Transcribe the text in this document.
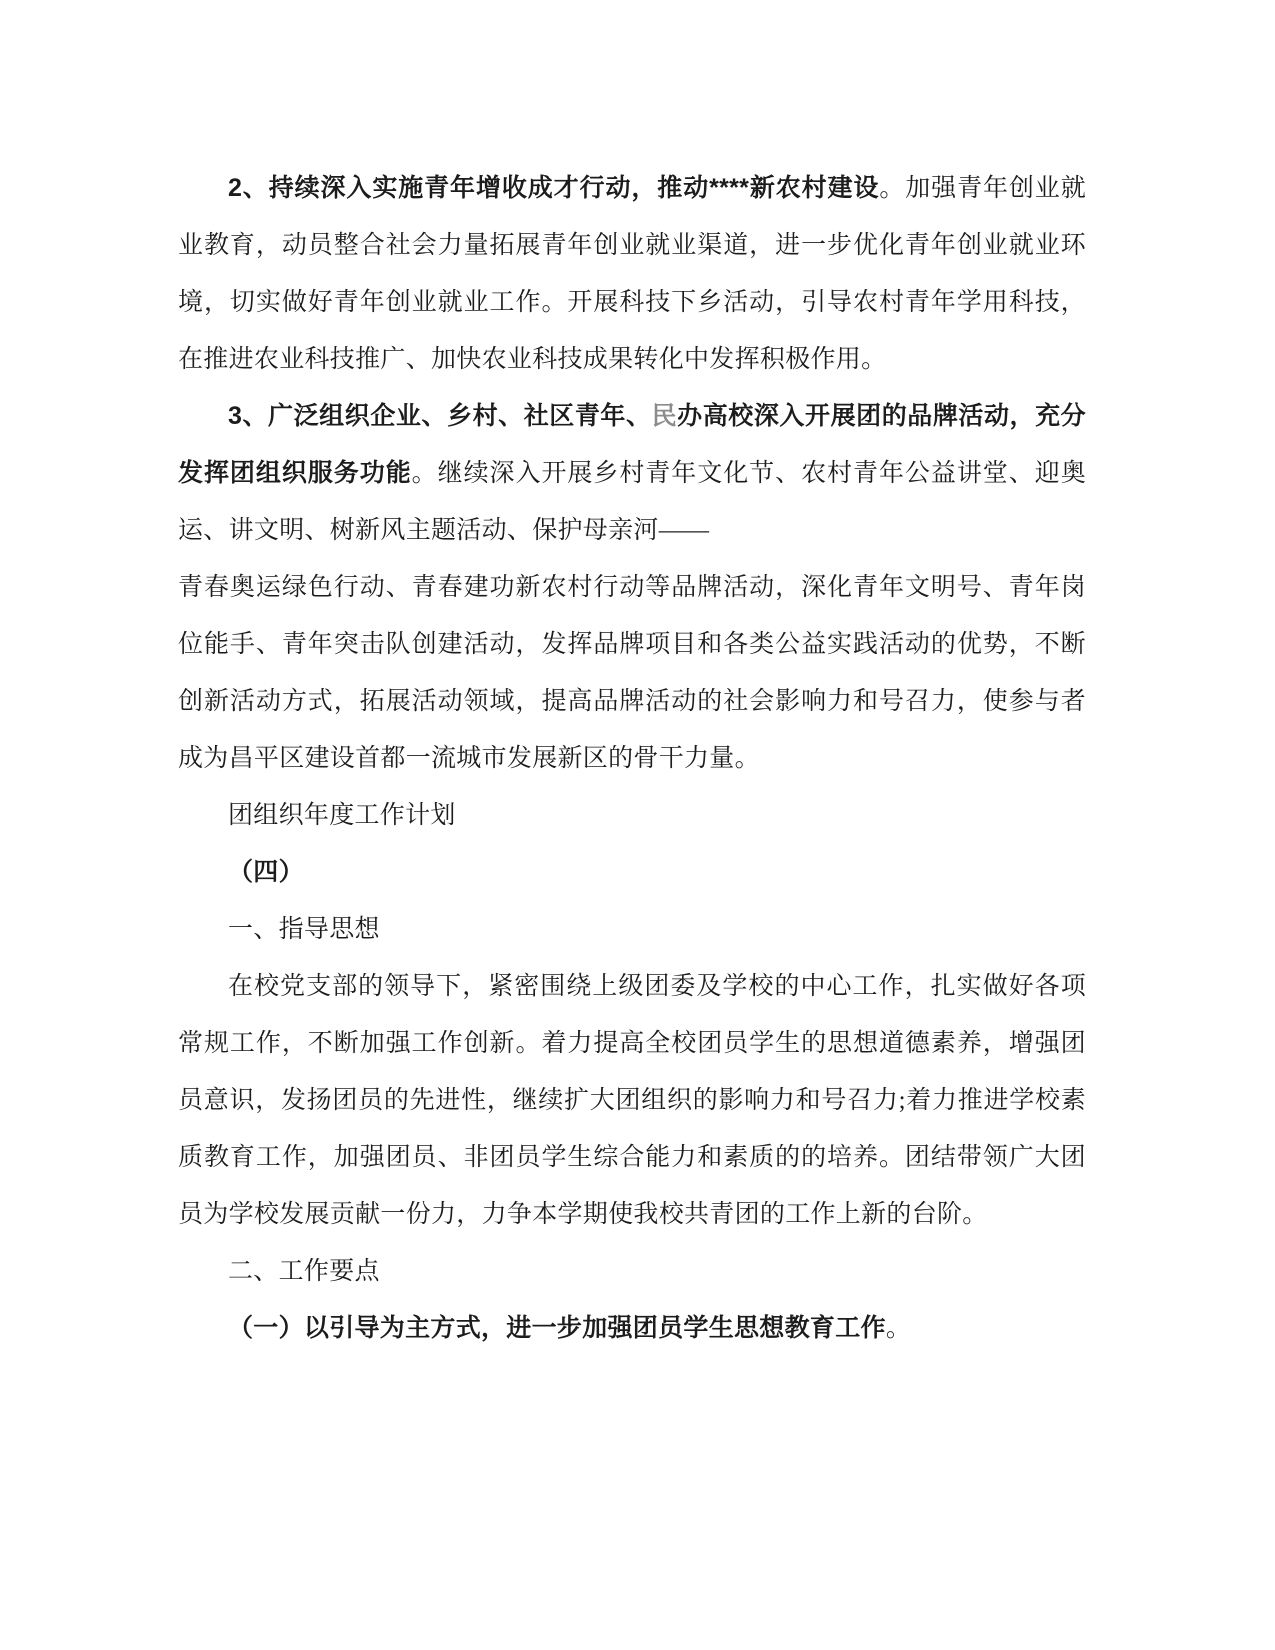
2、持续深入实施青年增收成才行动，推动****新农村建设。加强青年创业就业教育，动员整合社会力量拓展青年创业就业渠道，进一步优化青年创业就业环境，切实做好青年创业就业工作。开展科技下乡活动，引导农村青年学用科技，在推进农业科技推广、加快农业科技成果转化中发挥积极作用。

3、广泛组织企业、乡村、社区青年、民办高校深入开展团的品牌活动，充分发挥团组织服务功能。继续深入开展乡村青年文化节、农村青年公益讲堂、迎奥运、讲文明、树新风主题活动、保护母亲河——

青春奥运绿色行动、青春建功新农村行动等品牌活动，深化青年文明号、青年岗位能手、青年突击队创建活动，发挥品牌项目和各类公益实践活动的优势，不断创新活动方式，拓展活动领域，提高品牌活动的社会影响力和号召力，使参与者成为昌平区建设首都一流城市发展新区的骨干力量。

团组织年度工作计划

（四）

一、指导思想

在校党支部的领导下，紧密围绕上级团委及学校的中心工作，扎实做好各项常规工作，不断加强工作创新。着力提高全校团员学生的思想道德素养，增强团员意识，发扬团员的先进性，继续扩大团组织的影响力和号召力;着力推进学校素质教育工作，加强团员、非团员学生综合能力和素质的的培养。团结带领广大团员为学校发展贡献一份力，力争本学期使我校共青团的工作上新的台阶。

二、工作要点

（一）以引导为主方式，进一步加强团员学生思想教育工作。
